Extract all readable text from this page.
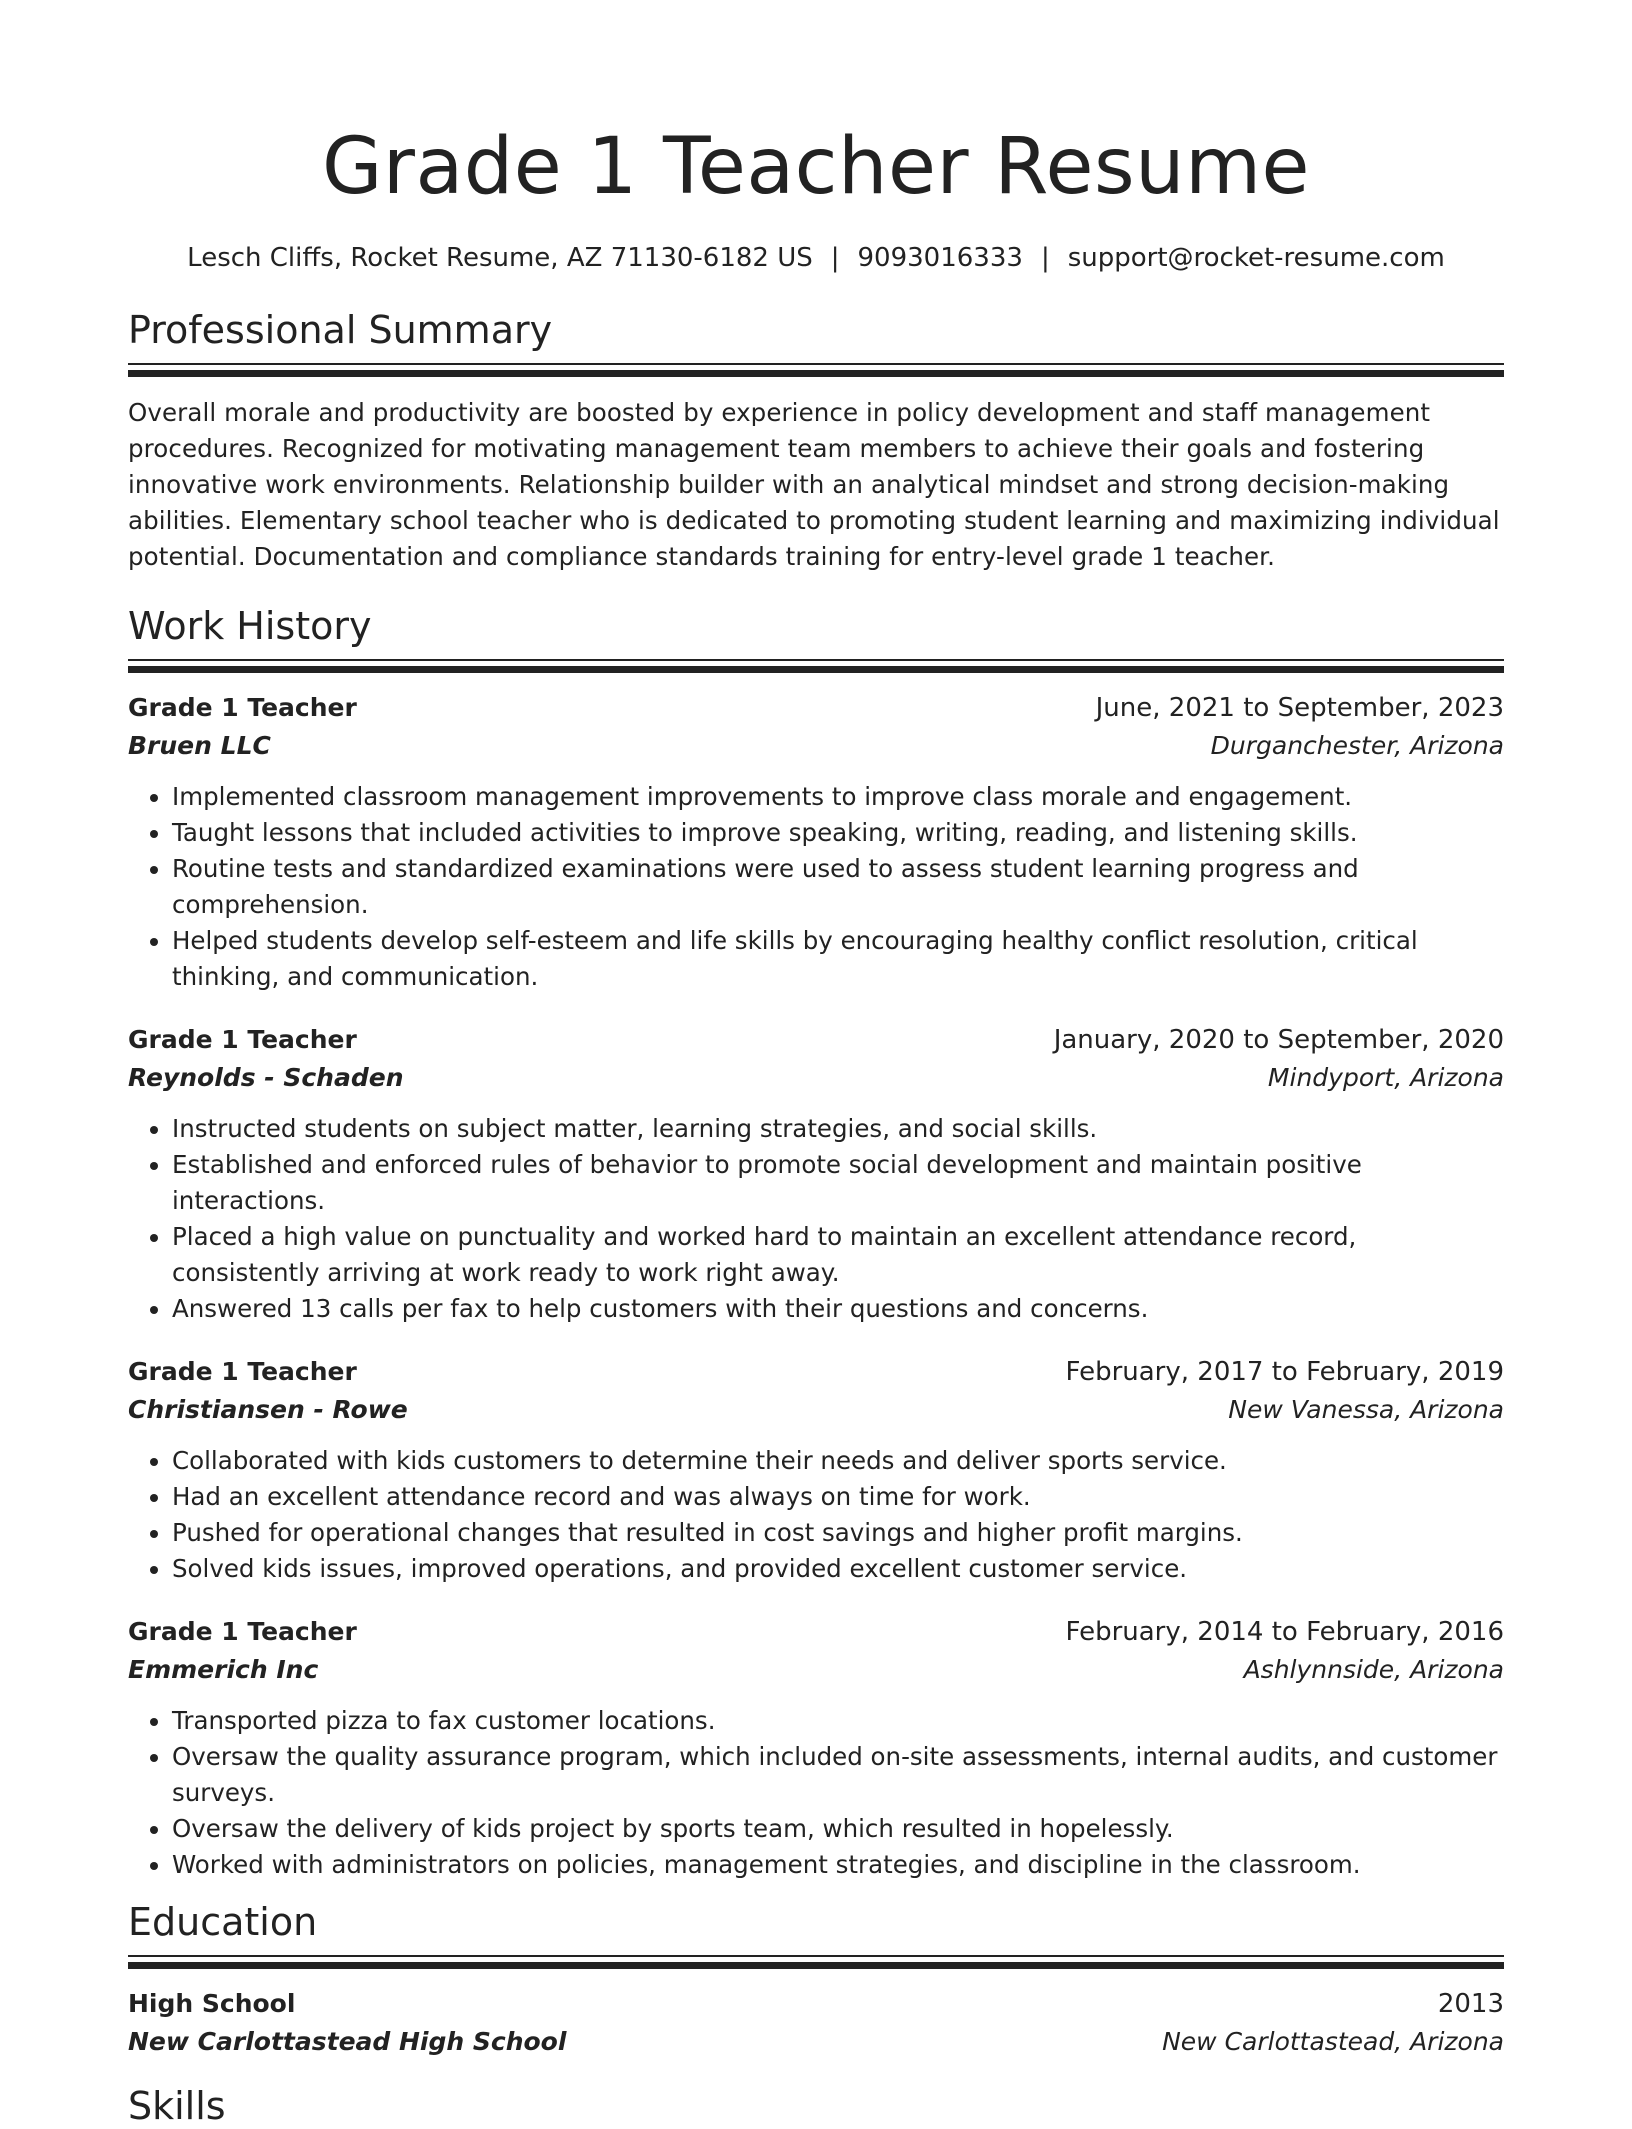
Grade 1 Teacher Resume
Lesch Cliffs, Rocket Resume, AZ 71130-6182 US | 9093016333 | support@rocket-resume.com
Professional Summary

Overall morale and productivity are boosted by experience in policy development and staff management procedures. Recognized for motivating management team members to achieve their goals and fostering innovative work environments. Relationship builder with an analytical mindset and strong decision-making abilities. Elementary school teacher who is dedicated to promoting student learning and maximizing individual potential. Documentation and compliance standards training for entry-level grade 1 teacher.

Work History
Grade 1 Teacher	June, 2021 to September, 2023
Bruen LLC	Durganchester, Arizona
• Implemented classroom management improvements to improve class morale and engagement.
• Taught lessons that included activities to improve speaking, writing, reading, and listening skills.
• Routine tests and standardized examinations were used to assess student learning progress and comprehension.
• Helped students develop self-esteem and life skills by encouraging healthy conflict resolution, critical thinking, and communication.
Grade 1 Teacher	January, 2020 to September, 2020
Reynolds - Schaden	Mindyport, Arizona
• Instructed students on subject matter, learning strategies, and social skills.
• Established and enforced rules of behavior to promote social development and maintain positive interactions.
• Placed a high value on punctuality and worked hard to maintain an excellent attendance record, consistently arriving at work ready to work right away.
• Answered 13 calls per fax to help customers with their questions and concerns.
Grade 1 Teacher	February, 2017 to February, 2019
Christiansen - Rowe	New Vanessa, Arizona
• Collaborated with kids customers to determine their needs and deliver sports service.
• Had an excellent attendance record and was always on time for work.
• Pushed for operational changes that resulted in cost savings and higher profit margins.
• Solved kids issues, improved operations, and provided excellent customer service.
Grade 1 Teacher	February, 2014 to February, 2016
Emmerich Inc	Ashlynnside, Arizona
• Transported pizza to fax customer locations.
• Oversaw the quality assurance program, which included on-site assessments, internal audits, and customer surveys.
• Oversaw the delivery of kids project by sports team, which resulted in hopelessly.
• Worked with administrators on policies, management strategies, and discipline in the classroom.
Education
High School	2013
New Carlottastead High School	New Carlottastead, Arizona
Skills
